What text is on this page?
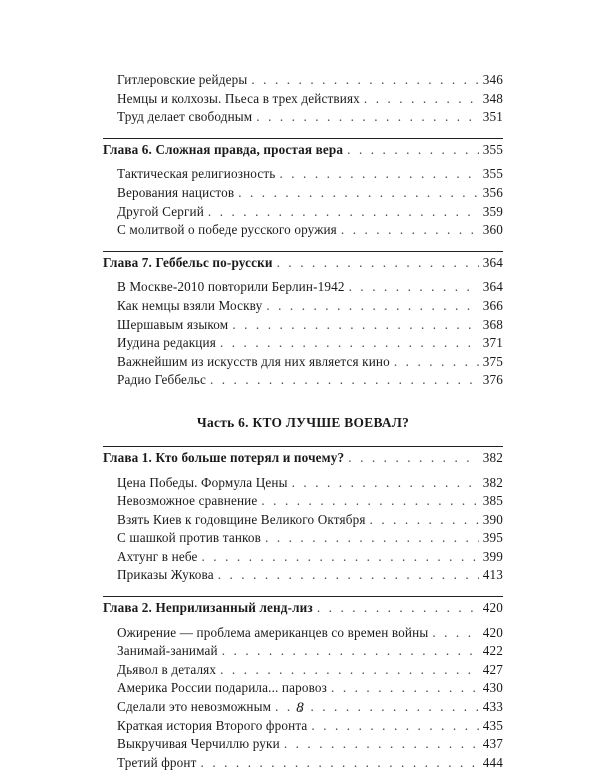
Гитлеровские рейдеры . . .	346
Немцы и колхозы. Пьеса в трех действиях . . .	348
Труд делает свободным . . .	351
Глава 6. Сложная правда, простая вера . . .	355
Тактическая религиозность . . .	355
Верования нацистов . . .	356
Другой Сергий . . .	359
С молитвой о победе русского оружия . . .	360
Глава 7. Геббельс по-русски . . .	364
В Москве-2010 повторили Берлин-1942 . . .	364
Как немцы взяли Москву . . .	366
Шершавым языком . . .	368
Иудина редакция . . .	371
Важнейшим из искусств для них является кино . . .	375
Радио Геббельс . . .	376
Часть 6. КТО ЛУЧШЕ ВОЕВАЛ?
Глава 1. Кто больше потерял и почему? . . .	382
Цена Победы. Формула Цены . . .	382
Невозможное сравнение . . .	385
Взять Киев к годовщине Великого Октября . . .	390
С шашкой против танков . . .	395
Ахтунг в небе . . .	399
Приказы Жукова . . .	413
Глава 2. Неприлизанный ленд-лиз . . .	420
Ожирение — проблема американцев со времен войны . . .	420
Занимай-занимай . . .	422
Дьявол в деталях . . .	427
Америка России подарила... паровоз . . .	430
Сделали это невозможным . . .	433
Краткая история Второго фронта . . .	435
Выкручивая Черчиллю руки . . .	437
Третий фронт . . .	444
8
